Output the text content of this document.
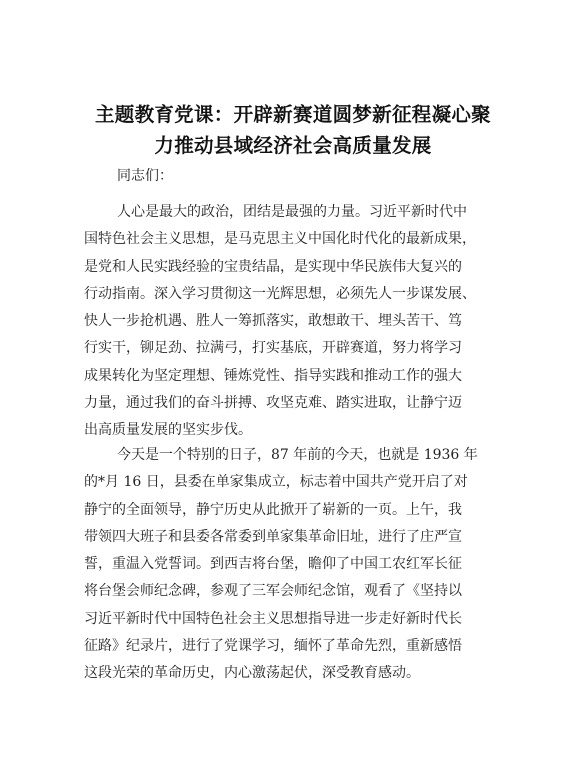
主题教育党课：开辟新赛道圆梦新征程凝心聚
力推动县域经济社会高质量发展
同志们：
人心是最大的政治，团结是最强的力量。习近平新时代中
国特色社会主义思想，是马克思主义中国化时代化的最新成果，
是党和人民实践经验的宝贵结晶，是实现中华民族伟大复兴的
行动指南。深入学习贯彻这一光辉思想，必须先人一步谋发展、
快人一步抢机遇、胜人一筹抓落实，敢想敢干、埋头苦干、笃
行实干，铆足劲、拉满弓，打实基底，开辟赛道，努力将学习
成果转化为坚定理想、锤炼党性、指导实践和推动工作的强大
力量，通过我们的奋斗拼搏、攻坚克难、踏实进取，让静宁迈
出高质量发展的坚实步伐。
今天是一个特别的日子，87 年前的今天，也就是 1936 年
的*月 16 日，县委在单家集成立，标志着中国共产党开启了对
静宁的全面领导，静宁历史从此掀开了崭新的一页。上午，我
带领四大班子和县委各常委到单家集革命旧址，进行了庄严宣
誓，重温入党誓词。到西吉将台堡，瞻仰了中国工农红军长征
将台堡会师纪念碑，参观了三军会师纪念馆，观看了《坚持以
习近平新时代中国特色社会主义思想指导进一步走好新时代长
征路》纪录片，进行了党课学习，缅怀了革命先烈，重新感悟
这段光荣的革命历史，内心激荡起伏，深受教育感动。
